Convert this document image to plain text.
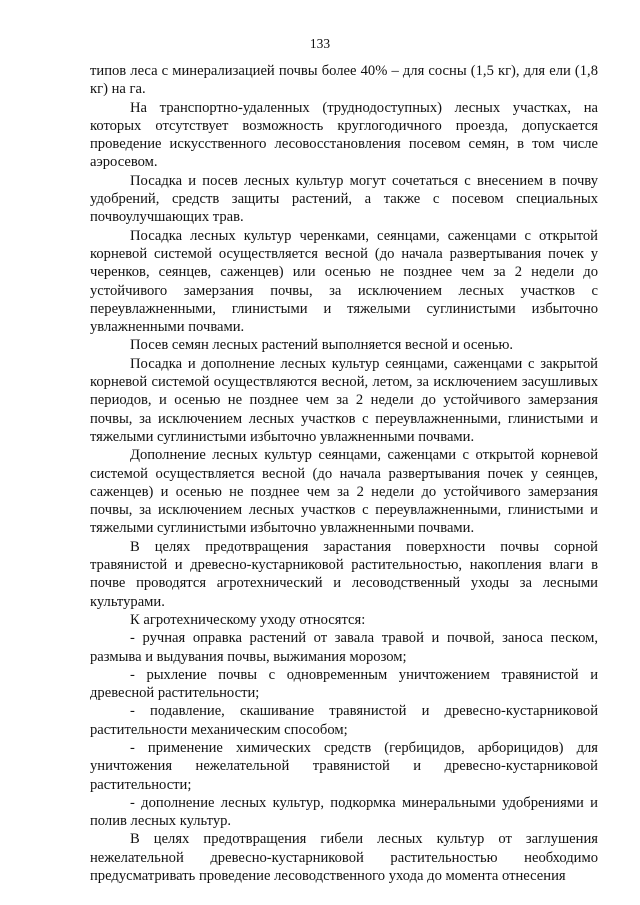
133

типов леса с минерализацией почвы более 40% – для сосны (1,5 кг), для ели (1,8 кг) на га.

На транспортно-удаленных (труднодоступных) лесных участках, на которых отсутствует возможность круглогодичного проезда, допускается проведение искусственного лесовосстановления посевом семян, в том числе аэросевом.

Посадка и посев лесных культур могут сочетаться с внесением в почву удобрений, средств защиты растений, а также с посевом специальных почвоулучшающих трав.

Посадка лесных культур черенками, сеянцами, саженцами с открытой корневой системой осуществляется весной (до начала развертывания почек у черенков, сеянцев, саженцев) или осенью не позднее чем за 2 недели до устойчивого замерзания почвы, за исключением лесных участков с переувлажненными, глинистыми и тяжелыми суглинистыми избыточно увлажненными почвами.

Посев семян лесных растений выполняется весной и осенью.

Посадка и дополнение лесных культур сеянцами, саженцами с закрытой корневой системой осуществляются весной, летом, за исключением засушливых периодов, и осенью не позднее чем за 2 недели до устойчивого замерзания почвы, за исключением лесных участков с переувлажненными, глинистыми и тяжелыми суглинистыми избыточно увлажненными почвами.

Дополнение лесных культур сеянцами, саженцами с открытой корневой системой осуществляется весной (до начала развертывания почек у сеянцев, саженцев) и осенью не позднее чем за 2 недели до устойчивого замерзания почвы, за исключением лесных участков с переувлажненными, глинистыми и тяжелыми суглинистыми избыточно увлажненными почвами.

В целях предотвращения зарастания поверхности почвы сорной травянистой и древесно-кустарниковой растительностью, накопления влаги в почве проводятся агротехнический и лесоводственный уходы за лесными культурами.

К агротехническому уходу относятся:

- ручная оправка растений от завала травой и почвой, заноса песком, размыва и выдувания почвы, выжимания морозом;

- рыхление почвы с одновременным уничтожением травянистой и древесной растительности;

- подавление, скашивание травянистой и древесно-кустарниковой растительности механическим способом;

- применение химических средств (гербицидов, арборицидов) для уничтожения нежелательной травянистой и древесно-кустарниковой растительности;

- дополнение лесных культур, подкормка минеральными удобрениями и полив лесных культур.

В целях предотвращения гибели лесных культур от заглушения нежелательной древесно-кустарниковой растительностью необходимо предусматривать проведение лесоводственного ухода до момента отнесения
